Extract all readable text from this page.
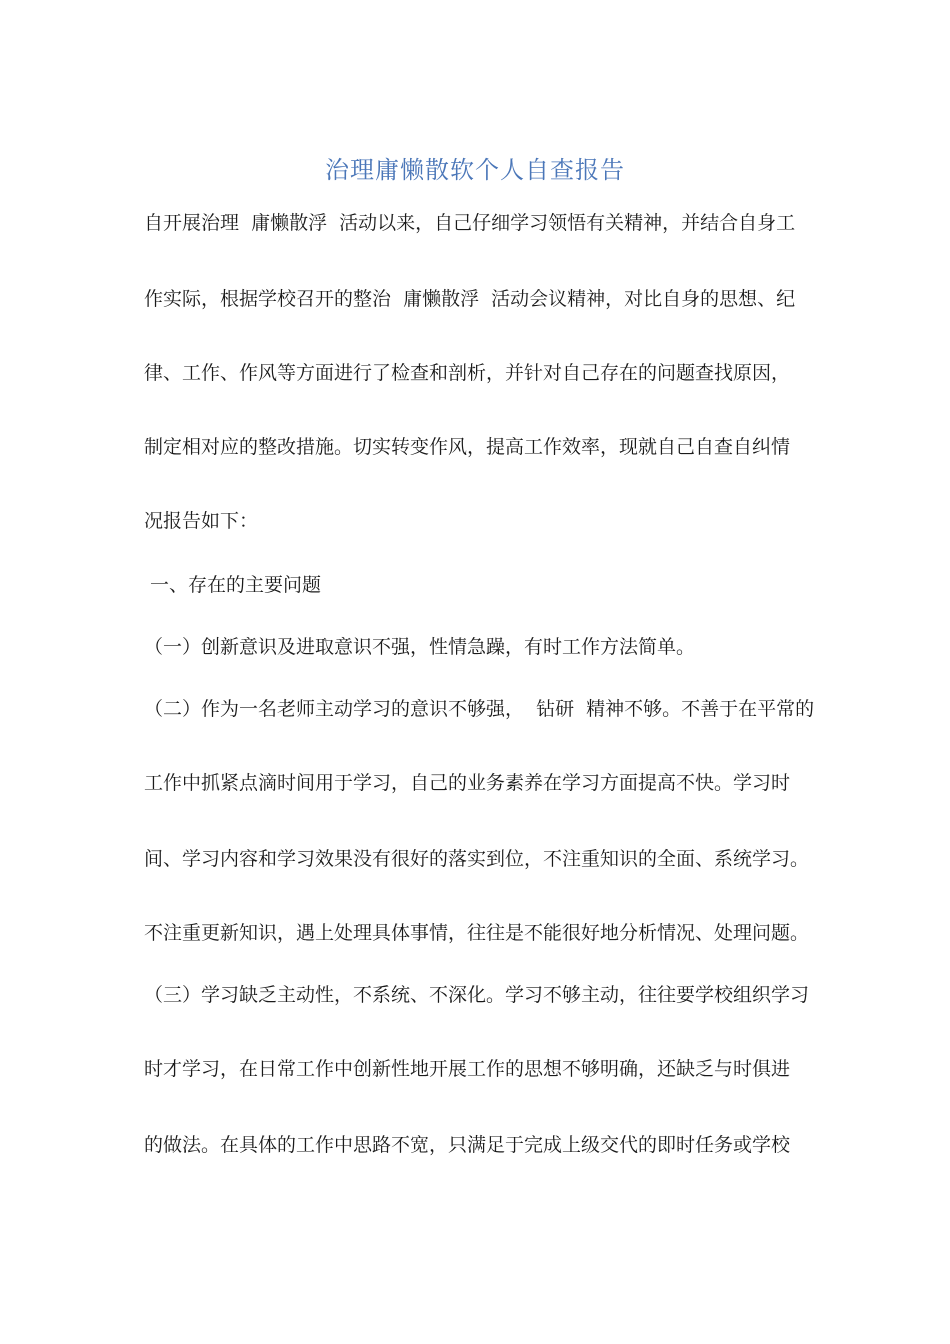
治理庸懒散软个人自查报告
自开展治理  庸懒散浮  活动以来，自己仔细学习领悟有关精神，并结合自身工
作实际，根据学校召开的整治  庸懒散浮  活动会议精神，对比自身的思想、纪
律、工作、作风等方面进行了检查和剖析，并针对自己存在的问题查找原因，
制定相对应的整改措施。切实转变作风，提高工作效率，现就自己自查自纠情
况报告如下：
一、存在的主要问题
（一）创新意识及进取意识不强，性情急躁，有时工作方法简单。
（二）作为一名老师主动学习的意识不够强，  钻研  精神不够。不善于在平常的
工作中抓紧点滴时间用于学习，自己的业务素养在学习方面提高不快。学习时
间、学习内容和学习效果没有很好的落实到位，不注重知识的全面、系统学习。
不注重更新知识，遇上处理具体事情，往往是不能很好地分析情况、处理问题。
（三）学习缺乏主动性，不系统、不深化。学习不够主动，往往要学校组织学习
时才学习，在日常工作中创新性地开展工作的思想不够明确，还缺乏与时俱进
的做法。在具体的工作中思路不宽，只满足于完成上级交代的即时任务或学校
